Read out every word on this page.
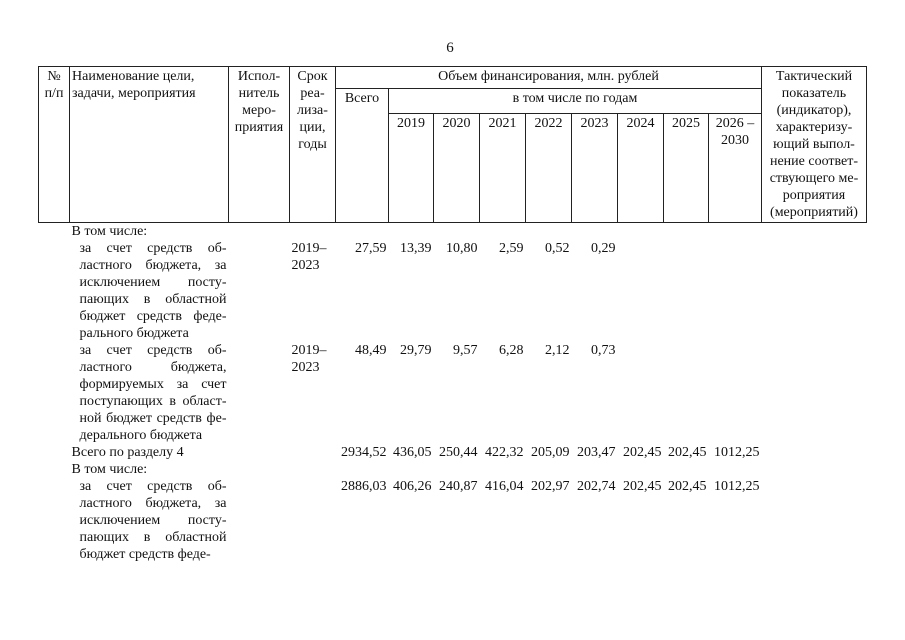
6
№ п/п	Наименование цели, задачи, мероприятия	Испол-нитель меро-приятия	Срок реа-лиза-ции, годы	Объем финансирования, млн. рублей									Тактический показатель (индикатор), характеризу-ющий выпол-нение соответ-ствующего ме-роприятия (мероприятий)
				Всего	в том числе по годам								
					2019	2020	2021	2022	2023	2024	2025	2026 – 2030	
	В том числе:												
	за счет средств об-ластного бюджета, за исключением посту-пающих в областной бюджет средств феде-рального бюджета		2019– 2023	27,59	13,39	10,80	2,59	0,52	0,29				
	за счет средств об-ластного бюджета, формируемых за счет поступающих в област-ной бюджет средств фе-дерального бюджета		2019– 2023	48,49	29,79	9,57	6,28	2,12	0,73				
	Всего по разделу 4			2934,52	436,05	250,44	422,32	205,09	203,47	202,45	202,45	1012,25	
	В том числе:												
	за счет средств об-ластного бюджета, за исключением посту-пающих в областной бюджет средств феде-			2886,03	406,26	240,87	416,04	202,97	202,74	202,45	202,45	1012,25	
